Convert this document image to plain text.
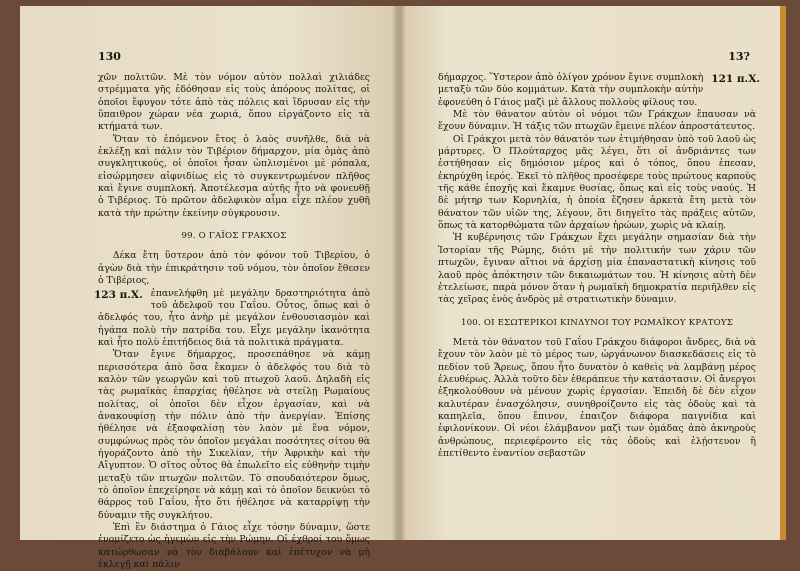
130

χῶν πολιτῶν. Μὲ τὸν νόμον αὐτὸν πολλαὶ χιλιάδες στρέμματα γῆς ἐδόθησαν εἰς τοὺς ἀπόρους πολίτας, οἱ ὁποῖοι ἔφυγον τότε ἀπὸ τὰς πόλεις καὶ ἵδρυσαν εἰς τὴν ὕπαιθρον χώραν νέα χωριά, ὅπου εἰργάζοντο εἰς τὰ κτήματά των.

Ὅταν τὸ ἑπόμενον ἔτος ὁ λαὸς συνῆλθε, διὰ νὰ ἐκλέξῃ καὶ πάλιν τὸν Τιβέριον δήμαρχον, μία ὁμὰς ἀπὸ συγκλητικούς, οἱ ὁποῖοι ἦσαν ὡπλισμένοι μὲ ρόπαλα, εἰσώρμησεν αἰφνιδίως εἰς τὸ συγκεντρωμένον πλῆθος καὶ ἔγινε συμπλοκή. Ἀποτέλεσμα αὐτῆς ἦτο νὰ φονευθῇ ὁ Τιβέριος. Τὸ πρῶτον ἀδελφικὸν αἷμα εἶχε πλέον χυθῆ κατὰ τὴν πρώτην ἐκείνην σύγκρουσιν.

99. Ο ΓΑΪΟΣ ΓΡΑΚΧΟΣ

Δέκα ἔτη ὕστερον ἀπὸ τὸν φόνον τοῦ Τιβερίου, ὁ ἀγὼν διὰ τὴν ἐπικράτησιν τοῦ νόμου, τὸν ὁποῖον ἔθεσεν ὁ Τιβέριος,

123 π.Χ. ἐπανελήφθη μὲ μεγάλην δραστηριότητα ἀπὸ τοῦ ἀδελφοῦ του Γαΐου. Οὗτος, ὅπως καὶ ὁ ἀδελφός του, ἦτο ἀνὴρ μὲ μεγάλον ἐνθουσιασμὸν καὶ ἠγάπα πολὺ τὴν πατρίδα του. Εἶχε μεγάλην ἱκανότητα καὶ ἦτο πολὺ ἐπιτήδειος διὰ τὰ πολιτικὰ πράγματα.

Ὅταν ἔγινε δήμαρχος, προσεπάθησε νὰ κάμῃ περισσότερα ἀπὸ ὅσα ἔκαμεν ὁ ἀδελφός του διὰ τὸ καλὸν τῶν γεωργῶν καὶ τοῦ πτωχοῦ λαοῦ. Δηλαδὴ εἰς τὰς ρωμαϊκὰς ἐπαρχίας ἠθέλησε νὰ στείλῃ Ρωμαίους πολίτας, οἱ ὁποῖοι δὲν εἶχον ἐργασίαν, καὶ νὰ ἀνακουφίσῃ τὴν πόλιν ἀπὸ τὴν ἀνεργίαν. Ἐπίσης ἠθέλησε νὰ ἐξασφαλίσῃ τὸν λαὸν μὲ ἕνα νόμον, συμφώνως πρὸς τὸν ὁποῖον μεγάλαι ποσότητες σίτου θὰ ἠγοράζοντο ἀπὸ τὴν Σικελίαν, τὴν Ἀφρικὴν καὶ τὴν Αἴγυπτον. Ὁ σῖτος οὗτος θὰ ἐπωλεῖτο εἰς εὐθηνὴν τιμὴν μεταξὺ τῶν πτωχῶν πολιτῶν. Τὸ σπουδαιότερον ὅμως, τὸ ὁποῖον ἐπεχείρησε νὰ κάμῃ καὶ τὸ ὁποῖον δεικνύει τὸ θάρρος τοῦ Γαΐου, ἦτο ὅτι ἠθέλησε νὰ καταρρίψῃ τὴν δύναμιν τῆς συγκλήτου.

Ἐπὶ ἓν διάστημα ὁ Γάιος εἶχε τόσην δύναμιν, ὥστε ἐνομίζετο ὡς ἡγεμὼν εἰς τὴν Ρώμην. Οἱ ἐχθροί του ὅμως κατώρθωσαν νὰ τὸν διαβάλουν καὶ ἐπέτυχον νὰ μὴ ἐκλεγῇ καὶ πάλιν

13?

121 π.Χ.
δήμαρχος. Ὕστερον ἀπὸ ὀλίγον χρόνον ἔγινε συμπλοκὴ μεταξὺ τῶν δύο κομμάτων. Κατὰ τὴν συμπλοκὴν αὐτὴν ἐφονεύθη ὁ Γάιος μαζὶ μὲ ἄλλους πολλοὺς φίλους του.

Μὲ τὸν θάνατον αὐτὸν οἱ νόμοι τῶν Γράκχων ἔπαυσαν νὰ ἔχουν δύναμιν. Ἡ τάξις τῶν πτωχῶν ἔμεινε πλέον ἀπροστάτευτος.

Οἱ Γράκχοι μετὰ τὸν θάνατόν των ἐτιμήθησαν ὑπὸ τοῦ λαοῦ ὡς μάρτυρες. Ὁ Πλούταρχος μᾶς λέγει, ὅτι οἱ ἀνδριάντες των ἐστήθησαν εἰς δημόσιον μέρος καὶ ὁ τόπος, ὅπου ἐπεσαν, ἐκηρύχθη ἱερός. Ἐκεῖ τὸ πλῆθος προσέφερε τοὺς πρώτους καρποὺς τῆς κάθε ἐποχῆς καὶ ἔκαμνε θυσίας, ὅπως καὶ εἰς τοὺς ναούς. Ἡ δὲ μήτηρ των Κορνηλία, ἡ ὁποία ἔζησεν ἀρκετὰ ἔτη μετὰ τὸν θάνατον τῶν υἱῶν της, λέγουν, ὅτι διηγεῖτο τὰς πράξεις αὐτῶν, ὅπως τὰ κατορθώματα τῶν ἀρχαίων ἡρώων, χωρὶς νὰ κλαίῃ.

Ἡ κυβέρνησις τῶν Γράκχων ἔχει μεγάλην σημασίαν διὰ τὴν Ἱστορίαν τῆς Ρώμης, διότι μὲ τὴν πολιτικήν των χάριν τῶν πτωχῶν, ἔγιναν αἴτιοι νὰ ἀρχίσῃ μία ἐπαναστατικὴ κίνησις τοῦ λαοῦ πρὸς ἀπόκτησιν τῶν δικαιωμάτων του. Ἡ κίνησις αὐτὴ δὲν ἐτελείωσε, παρὰ μόνον ὅταν ἡ ρωμαϊκὴ δημοκρατία περιῆλθεν εἰς τὰς χεῖρας ἑνὸς ἀνδρὸς μὲ στρατιωτικὴν δύναμιν.

100. ΟΙ ΕΣΩΤΕΡΙΚΟΙ ΚΙΝΔΥΝΟΙ ΤΟΥ ΡΩΜΑΪΚΟΥ ΚΡΑΤΟΥΣ

Μετὰ τὸν θάνατον τοῦ Γαΐου Γράκχου διάφοροι ἄνδρες, διὰ νὰ ἔχουν τὸν λαὸν μὲ τὸ μέρος των, ὠργάνωνον διασκεδάσεις εἰς τὸ πεδίον τοῦ Ἄρεως, ὅπου ἦτο δυνατὸν ὁ καθεὶς νὰ λαμβάνῃ μέρος ἐλευθέρως. Ἀλλὰ τοῦτο δὲν ἐθεράπευε τὴν κατάστασιν. Οἱ ἄνεργοι ἐξηκολούθουν νὰ μένουν χωρὶς ἐργασίαν. Ἐπειδὴ δὲ δὲν εἶχον καλυτέραν ἐνασχόλησιν, συνηθροίζοντο εἰς τὰς ὁδοὺς καὶ τὰ καπηλεῖα, ὅπου ἔπινον, ἐπαιζον διάφορα παιγνίδια καὶ ἐφιλονίκουν. Οἱ νέοι ἐλάμβανον μαζὶ των ὁμάδας ἀπὸ ἀκνηροὺς ἀνθρώπους, περιεφέροντο εἰς τὰς ὁδοὺς καὶ ἐλῄστευον ἢ ἐπετίθεντο ἐναντίον σεβαστῶν
